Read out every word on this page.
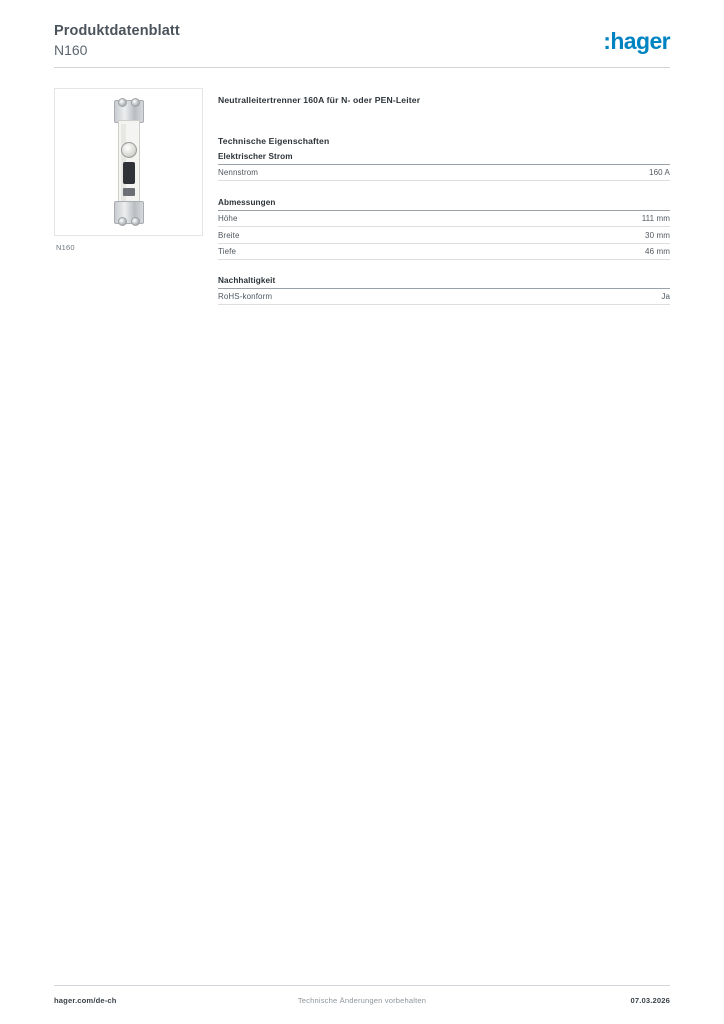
Produktdatenblatt
N160	:hager
N160
Neutralleitertrenner 160A für N- oder PEN-Leiter
Technische Eigenschaften
Elektrischer Strom
Nennstrom	160 A
Abmessungen
Höhe	111 mm
Breite	30 mm
Tiefe	46 mm
Nachhaltigkeit
RoHS-konform	Ja
hager.com/de-ch	Technische Änderungen vorbehalten	07.03.2026
